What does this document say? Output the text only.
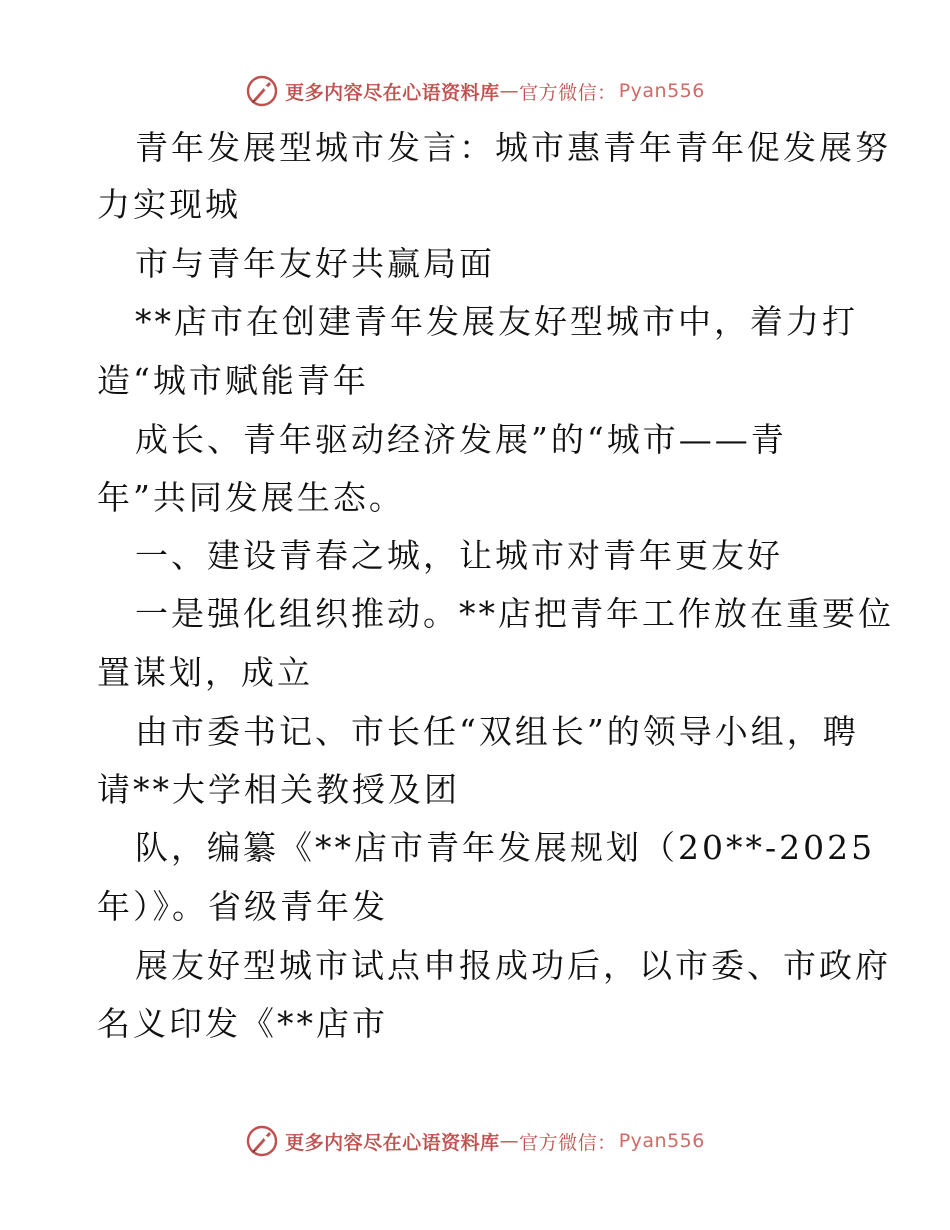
更多内容尽在心语资料库 — 官方微信： Pyan556
青年发展型城市发言：城市惠青年青年促发展努
力实现城
市与青年友好共赢局面
**店市在创建青年发展友好型城市中，着力打
造“城市赋能青年
成长、青年驱动经济发展”的“城市——青
年”共同发展生态。
一、建设青春之城，让城市对青年更友好
一是强化组织推动。**店把青年工作放在重要位
置谋划，成立
由市委书记、市长任“双组长”的领导小组，聘
请**大学相关教授及团
队，编纂《**店市青年发展规划（20**-2025
年）》。省级青年发
展友好型城市试点申报成功后，以市委、市政府
名义印发《**店市
更多内容尽在心语资料库 — 官方微信： Pyan556
